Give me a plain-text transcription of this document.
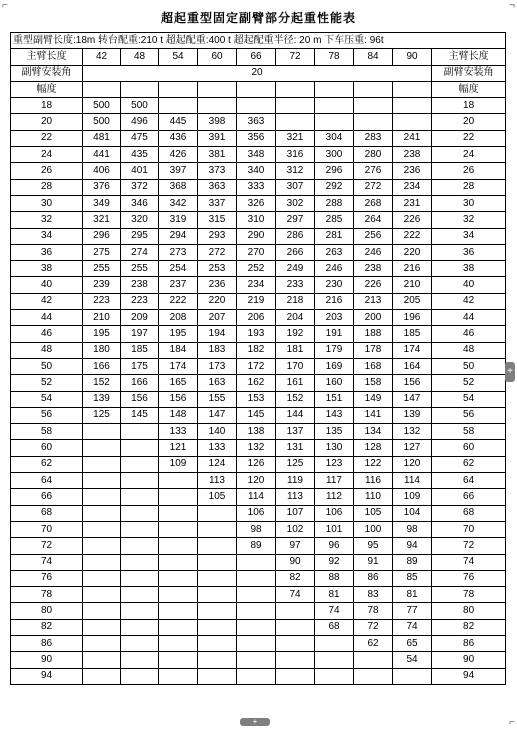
⌐	¬
超起重型固定副臂部分起重性能表
重型副臂长度:18m 转台配重:210 t 超起配重:400 t 超起配重半径: 20 m 下车压重: 96t										
主臂长度	42	48	54	60	66	72	78	84	90	主臂长度
副臂安装角	20									副臂安装角
幅度										幅度
18	500	500								18
20	500	496	445	398	363					20
22	481	475	436	391	356	321	304	283	241	22
24	441	435	426	381	348	316	300	280	238	24
26	406	401	397	373	340	312	296	276	236	26
28	376	372	368	363	333	307	292	272	234	28
30	349	346	342	337	326	302	288	268	231	30
32	321	320	319	315	310	297	285	264	226	32
34	296	295	294	293	290	286	281	256	222	34
36	275	274	273	272	270	266	263	246	220	36
38	255	255	254	253	252	249	246	238	216	38
40	239	238	237	236	234	233	230	226	210	40
42	223	223	222	220	219	218	216	213	205	42
44	210	209	208	207	206	204	203	200	196	44
46	195	197	195	194	193	192	191	188	185	46
48	180	185	184	183	182	181	179	178	174	48
50	166	175	174	173	172	170	169	168	164	50
52	152	166	165	163	162	161	160	158	156	52
54	139	156	156	155	153	152	151	149	147	54
56	125	145	148	147	145	144	143	141	139	56
58			133	140	138	137	135	134	132	58
60			121	133	132	131	130	128	127	60
62			109	124	126	125	123	122	120	62
64				113	120	119	117	116	114	64
66				105	114	113	112	110	109	66
68					106	107	106	105	104	68
70					98	102	101	100	98	70
72					89	97	96	95	94	72
74						90	92	91	89	74
76						82	88	86	85	76
78						74	81	83	81	78
80							74	78	77	80
82							68	72	74	82
86								62	65	86
90									54	90
94										94
+
+	⌐
